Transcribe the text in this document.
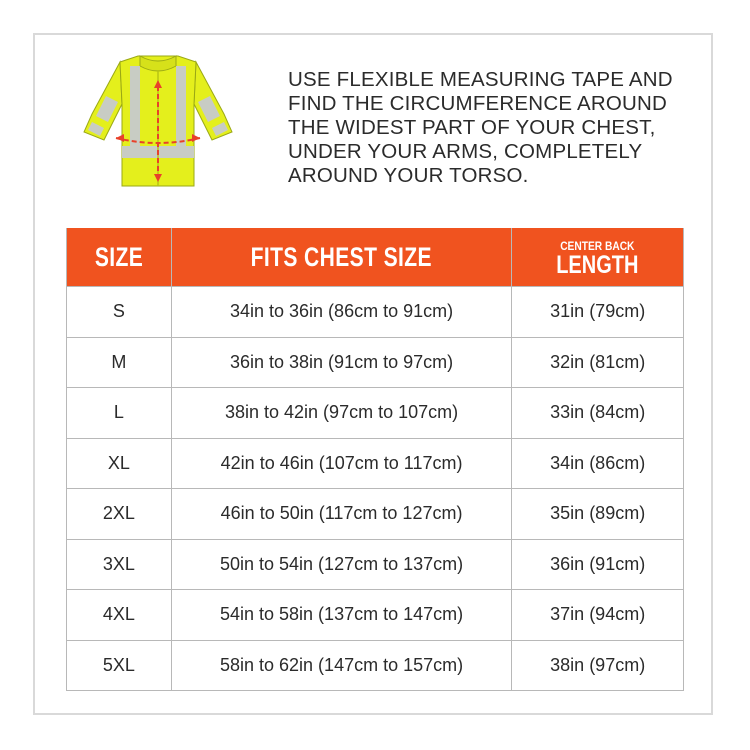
USE FLEXIBLE MEASURING TAPE AND
FIND THE CIRCUMFERENCE AROUND
THE WIDEST PART OF YOUR CHEST,
UNDER YOUR ARMS, COMPLETELY
AROUND YOUR TORSO.

SIZE	FITS CHEST SIZE	CENTER BACK
LENGTH

S	34in to 36in (86cm to 91cm)	31in (79cm)
M	36in to 38in (91cm to 97cm)	32in (81cm)
L	38in to 42in (97cm to 107cm)	33in (84cm)
XL	42in to 46in (107cm to 117cm)	34in (86cm)
2XL	46in to 50in (117cm to 127cm)	35in (89cm)
3XL	50in to 54in (127cm to 137cm)	36in (91cm)
4XL	54in to 58in (137cm to 147cm)	37in (94cm)
5XL	58in to 62in (147cm to 157cm)	38in (97cm)
